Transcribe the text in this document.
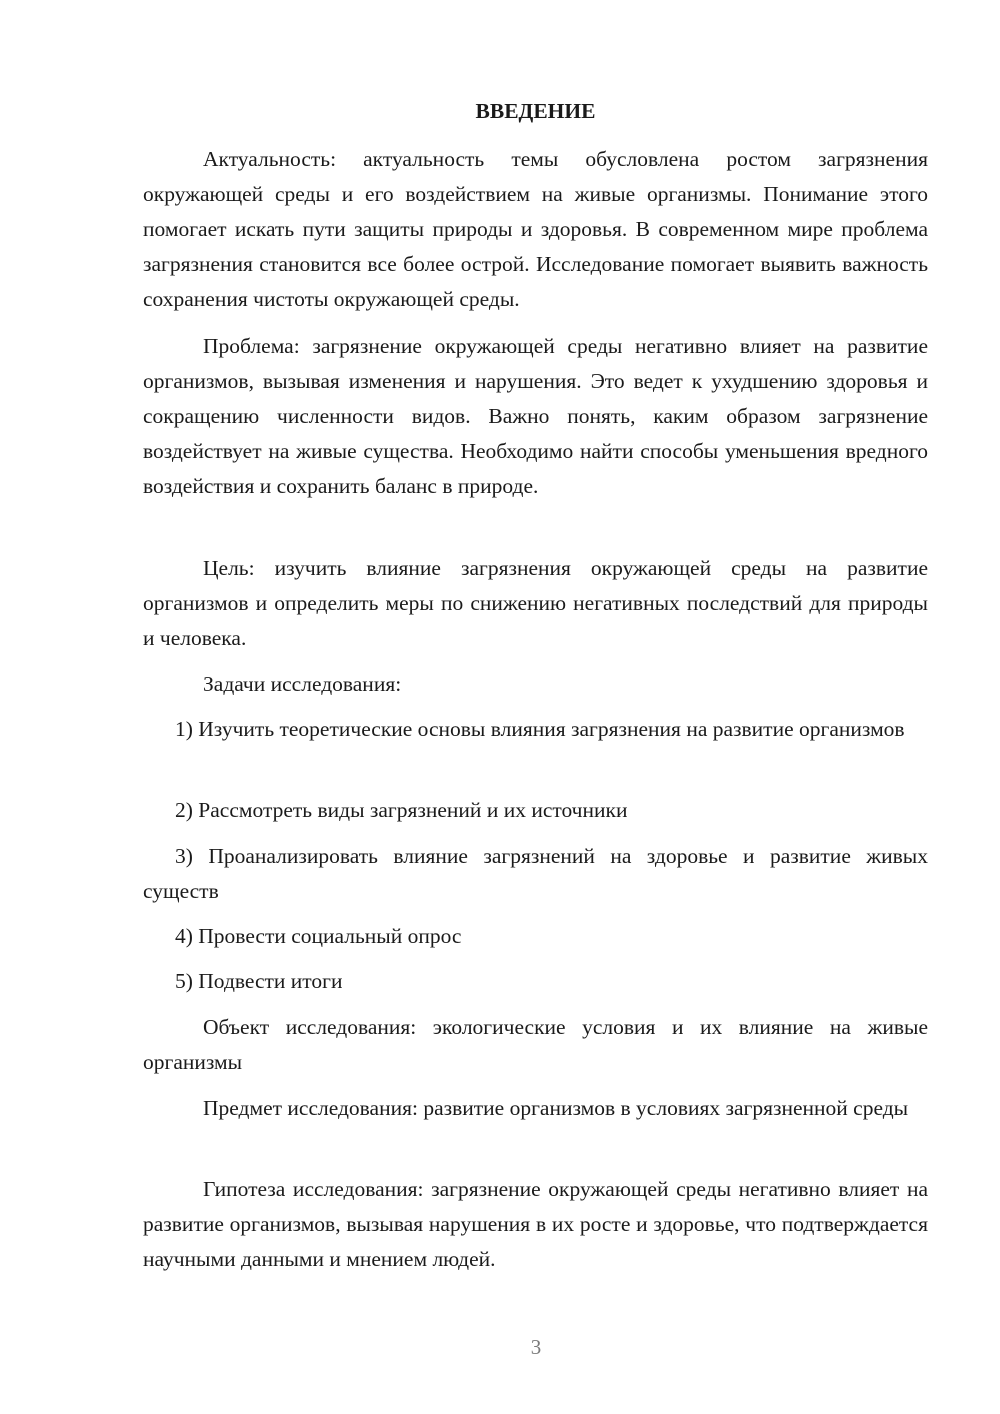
ВВЕДЕНИЕ

Актуальность: актуальность темы обусловлена ростом загрязнения окружающей среды и его воздействием на живые организмы. Понимание этого помогает искать пути защиты природы и здоровья. В современном мире проблема загрязнения становится все более острой. Исследование помогает выявить важность сохранения чистоты окружающей среды.

Проблема: загрязнение окружающей среды негативно влияет на развитие организмов, вызывая изменения и нарушения. Это ведет к ухудшению здоровья и сокращению численности видов. Важно понять, каким образом загрязнение воздействует на живые существа. Необходимо найти способы уменьшения вредного воздействия и сохранить баланс в природе.

Цель: изучить влияние загрязнения окружающей среды на развитие организмов и определить меры по снижению негативных последствий для природы и человека.

Задачи исследования:

1) Изучить теоретические основы влияния загрязнения на развитие организмов

2) Рассмотреть виды загрязнений и их источники

3) Проанализировать влияние загрязнений на здоровье и развитие живых существ

4) Провести социальный опрос

5) Подвести итоги

Объект исследования: экологические условия и их влияние на живые организмы

Предмет исследования: развитие организмов в условиях загрязненной среды

Гипотеза исследования: загрязнение окружающей среды негативно влияет на развитие организмов, вызывая нарушения в их росте и здоровье, что подтверждается научными данными и мнением людей.

3
